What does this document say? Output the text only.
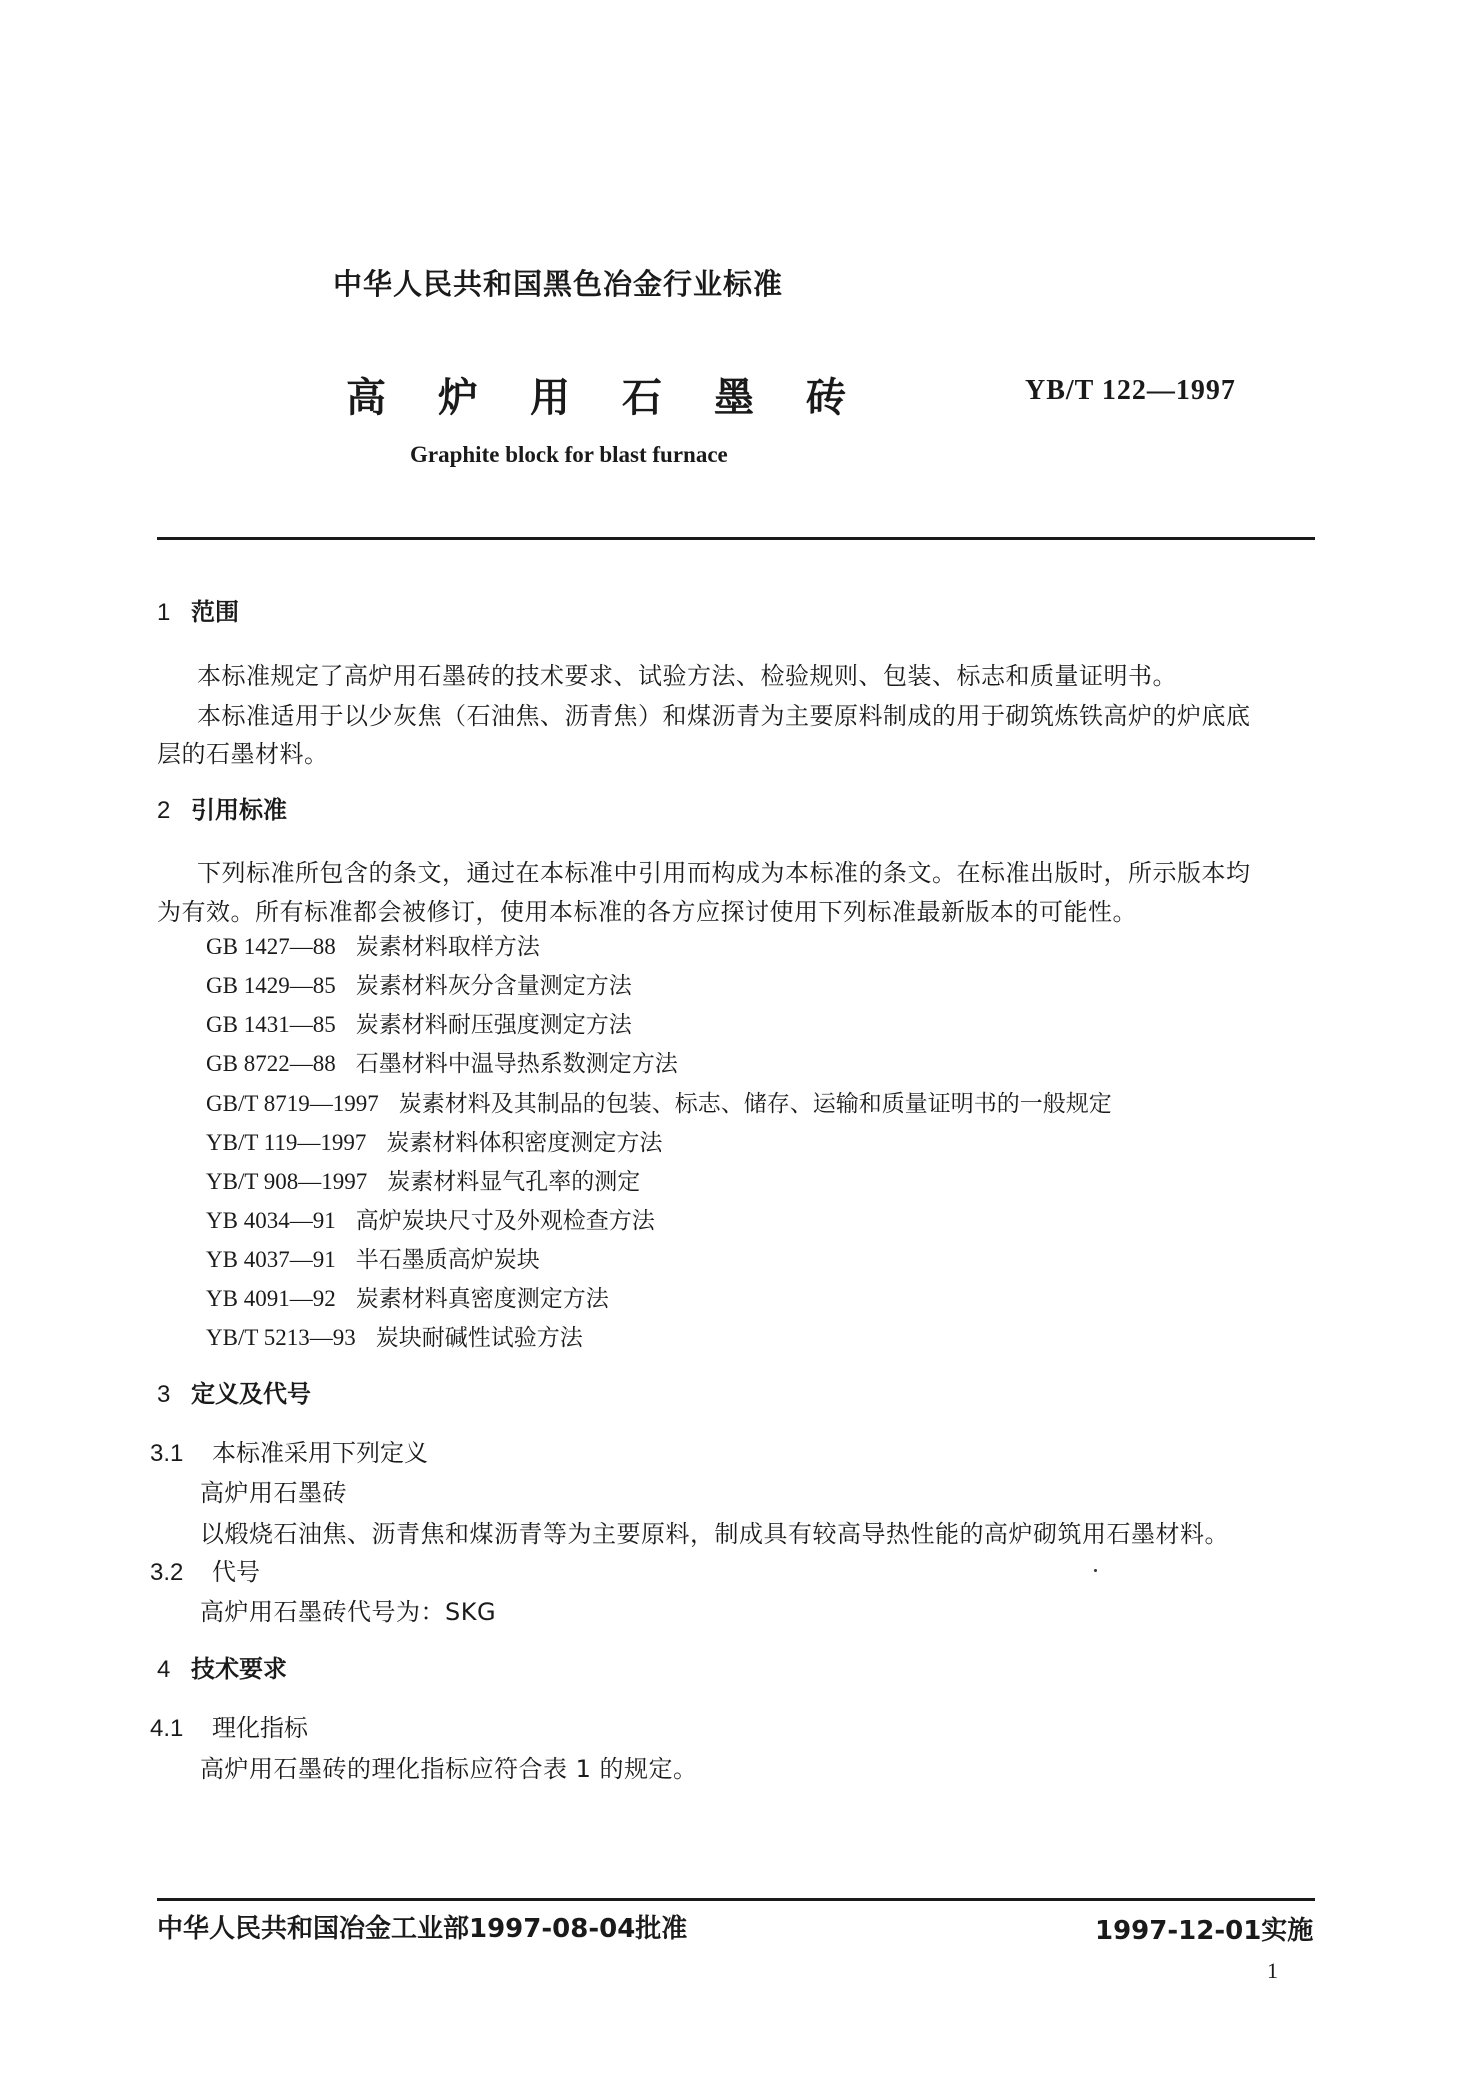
中华人民共和国黑色冶金行业标准
高 炉 用 石 墨 砖	YB/T 122—1997
Graphite block for blast furnace
1 范围
本标准规定了高炉用石墨砖的技术要求、试验方法、检验规则、包装、标志和质量证明书。
本标准适用于以少灰焦（石油焦、沥青焦）和煤沥青为主要原料制成的用于砌筑炼铁高炉的炉底底
层的石墨材料。
2 引用标准
下列标准所包含的条文，通过在本标准中引用而构成为本标准的条文。在标准出版时，所示版本均
为有效。所有标准都会被修订，使用本标准的各方应探讨使用下列标准最新版本的可能性。
GB 1427—88 炭素材料取样方法
GB 1429—85 炭素材料灰分含量测定方法
GB 1431—85 炭素材料耐压强度测定方法
GB 8722—88 石墨材料中温导热系数测定方法
GB/T 8719—1997 炭素材料及其制品的包装、标志、储存、运输和质量证明书的一般规定
YB/T 119—1997 炭素材料体积密度测定方法
YB/T 908—1997 炭素材料显气孔率的测定
YB 4034—91 高炉炭块尺寸及外观检查方法
YB 4037—91 半石墨质高炉炭块
YB 4091—92 炭素材料真密度测定方法
YB/T 5213—93 炭块耐碱性试验方法
3 定义及代号
3.1 本标准采用下列定义
高炉用石墨砖
以煅烧石油焦、沥青焦和煤沥青等为主要原料，制成具有较高导热性能的高炉砌筑用石墨材料。
3.2 代号
高炉用石墨砖代号为：SKG
4 技术要求
4.1 理化指标
高炉用石墨砖的理化指标应符合表 1 的规定。
中华人民共和国冶金工业部1997-08-04批准	1997-12-01实施
1
